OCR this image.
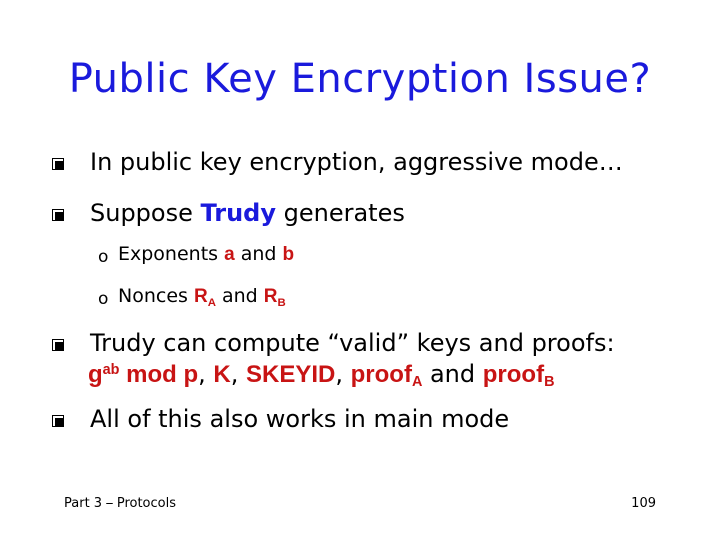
Public Key Encryption Issue?
In public key encryption, aggressive mode…
Suppose Trudy generates
o Exponents a and b
o Nonces $R_A$ and $R_B$
Trudy can compute “valid” keys and proofs:
$g^{ab}$ mod p, K, SKEYID, proof$_A$ and proof$_B$
All of this also works in main mode
Part 3 ⎯ Protocols	109
